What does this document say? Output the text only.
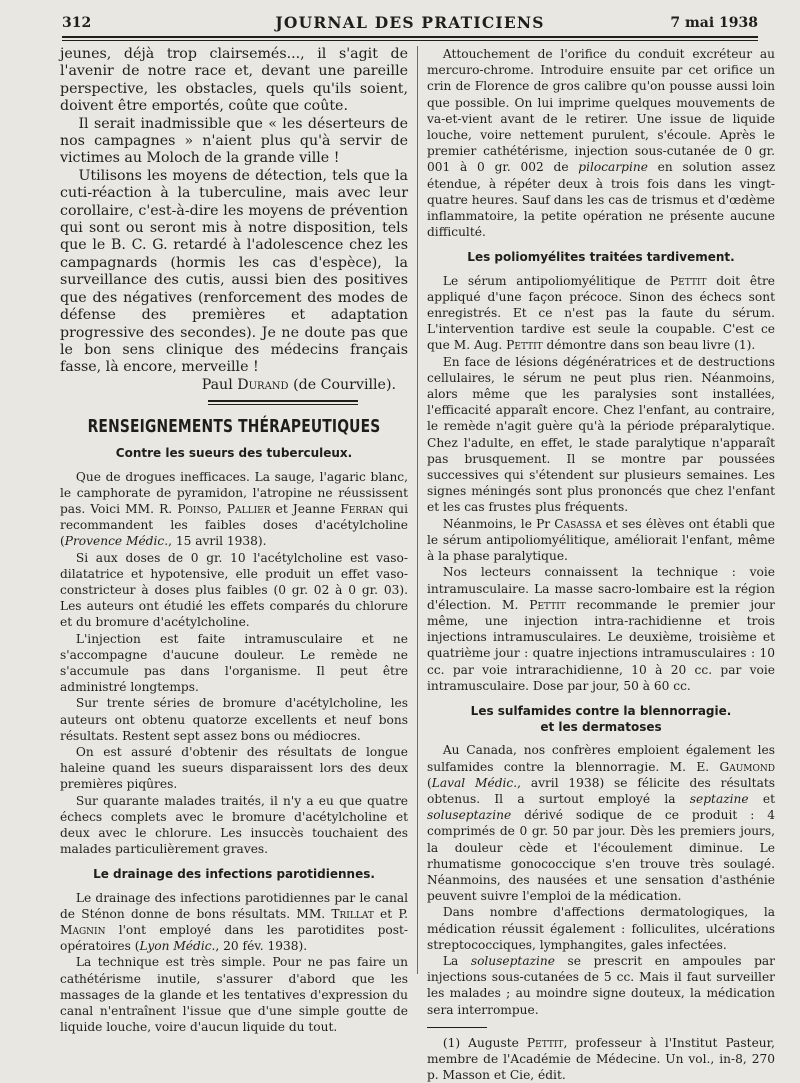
312	JOURNAL DES PRATICIENS	7 mai 1938

jeunes, déjà trop clairsemés..., il s'agit de l'avenir de notre race et, devant une pareille perspective, les obstacles, quels qu'ils soient, doivent être emportés, coûte que coûte.

Il serait inadmissible que « les déserteurs de nos campagnes » n'aient plus qu'à servir de victimes au Moloch de la grande ville !

Utilisons les moyens de détection, tels que la cuti-réaction à la tuberculine, mais avec leur corollaire, c'est-à-dire les moyens de prévention qui sont ou seront mis à notre disposition, tels que le B. C. G. retardé à l'adolescence chez les campagnards (hormis les cas d'espèce), la surveillance des cutis, aussi bien des positives que des négatives (renforcement des modes de défense des premières et adaptation progressive des secondes). Je ne doute pas que le bon sens clinique des médecins français fasse, là encore, merveille !

Paul Durand (de Courville).

RENSEIGNEMENTS THÉRAPEUTIQUES
Contre les sueurs des tuberculeux.

Que de drogues inefficaces. La sauge, l'agaric blanc, le camphorate de pyramidon, l'atropine ne réussissent pas. Voici MM. R. Poinso, Pallier et Jeanne Ferran qui recommandent les faibles doses d'acétylcholine (Provence Médic., 15 avril 1938).

Si aux doses de 0 gr. 10 l'acétylcholine est vaso-dilatatrice et hypotensive, elle produit un effet vaso-constricteur à doses plus faibles (0 gr. 02 à 0 gr. 03). Les auteurs ont étudié les effets comparés du chlorure et du bromure d'acétylcholine.

L'injection est faite intramusculaire et ne s'accompagne d'aucune douleur. Le remède ne s'accumule pas dans l'organisme. Il peut être administré longtemps.

Sur trente séries de bromure d'acétylcholine, les auteurs ont obtenu quatorze excellents et neuf bons résultats. Restent sept assez bons ou médiocres.

On est assuré d'obtenir des résultats de longue haleine quand les sueurs disparaissent lors des deux premières piqûres.

Sur quarante malades traités, il n'y a eu que quatre échecs complets avec le bromure d'acétylcholine et deux avec le chlorure. Les insuccès touchaient des malades particulièrement graves.

Le drainage des infections parotidiennes.

Le drainage des infections parotidiennes par le canal de Sténon donne de bons résultats. MM. Trillat et P. Magnin l'ont employé dans les parotidites post-opératoires (Lyon Médic., 20 fév. 1938).

La technique est très simple. Pour ne pas faire un cathétérisme inutile, s'assurer d'abord que les massages de la glande et les tentatives d'expression du canal n'entraînent l'issue que d'une simple goutte de liquide louche, voire d'aucun liquide du tout.

Attouchement de l'orifice du conduit excréteur au mercuro-chrome. Introduire ensuite par cet orifice un crin de Florence de gros calibre qu'on pousse aussi loin que possible. On lui imprime quelques mouvements de va-et-vient avant de le retirer. Une issue de liquide louche, voire nettement purulent, s'écoule. Après le premier cathétérisme, injection sous-cutanée de 0 gr. 001 à 0 gr. 002 de pilocarpine en solution assez étendue, à répéter deux à trois fois dans les vingt-quatre heures. Sauf dans les cas de trismus et d'œdème inflammatoire, la petite opération ne présente aucune difficulté.

Les poliomyélites traitées tardivement.

Le sérum antipoliomyélitique de Pettit doit être appliqué d'une façon précoce. Sinon des échecs sont enregistrés. Et ce n'est pas la faute du sérum. L'intervention tardive est seule la coupable. C'est ce que M. Aug. Pettit démontre dans son beau livre (1).

En face de lésions dégénératrices et de destructions cellulaires, le sérum ne peut plus rien. Néanmoins, alors même que les paralysies sont installées, l'efficacité apparaît encore. Chez l'enfant, au contraire, le remède n'agit guère qu'à la période préparalytique. Chez l'adulte, en effet, le stade paralytique n'apparaît pas brusquement. Il se montre par poussées successives qui s'étendent sur plusieurs semaines. Les signes méningés sont plus prononcés que chez l'enfant et les cas frustes plus fréquents.

Néanmoins, le Pr Casassa et ses élèves ont établi que le sérum antipoliomyélitique, améliorait l'enfant, même à la phase paralytique.

Nos lecteurs connaissent la technique : voie intramusculaire. La masse sacro-lombaire est la région d'élection. M. Pettit recommande le premier jour même, une injection intra-rachidienne et trois injections intramusculaires. Le deuxième, troisième et quatrième jour : quatre injections intramusculaires : 10 cc. par voie intrarachidienne, 10 à 20 cc. par voie intramusculaire. Dose par jour, 50 à 60 cc.

Les sulfamides contre la blennorragie.
et les dermatoses

Au Canada, nos confrères emploient également les sulfamides contre la blennorragie. M. E. Gaumond (Laval Médic., avril 1938) se félicite des résultats obtenus. Il a surtout employé la septazine et soluseptazine dérivé sodique de ce produit : 4 comprimés de 0 gr. 50 par jour. Dès les premiers jours, la douleur cède et l'écoulement diminue. Le rhumatisme gonococcique s'en trouve très soulagé. Néanmoins, des nausées et une sensation d'asthénie peuvent suivre l'emploi de la médication.

Dans nombre d'affections dermatologiques, la médication réussit également : folliculites, ulcérations streptococciques, lymphangites, gales infectées.

La soluseptazine se prescrit en ampoules par injections sous-cutanées de 5 cc. Mais il faut surveiller les malades ; au moindre signe douteux, la médication sera interrompue.

(1) Auguste Pettit, professeur à l'Institut Pasteur, membre de l'Académie de Médecine. Un vol., in-8, 270 p. Masson et Cie, édit.
